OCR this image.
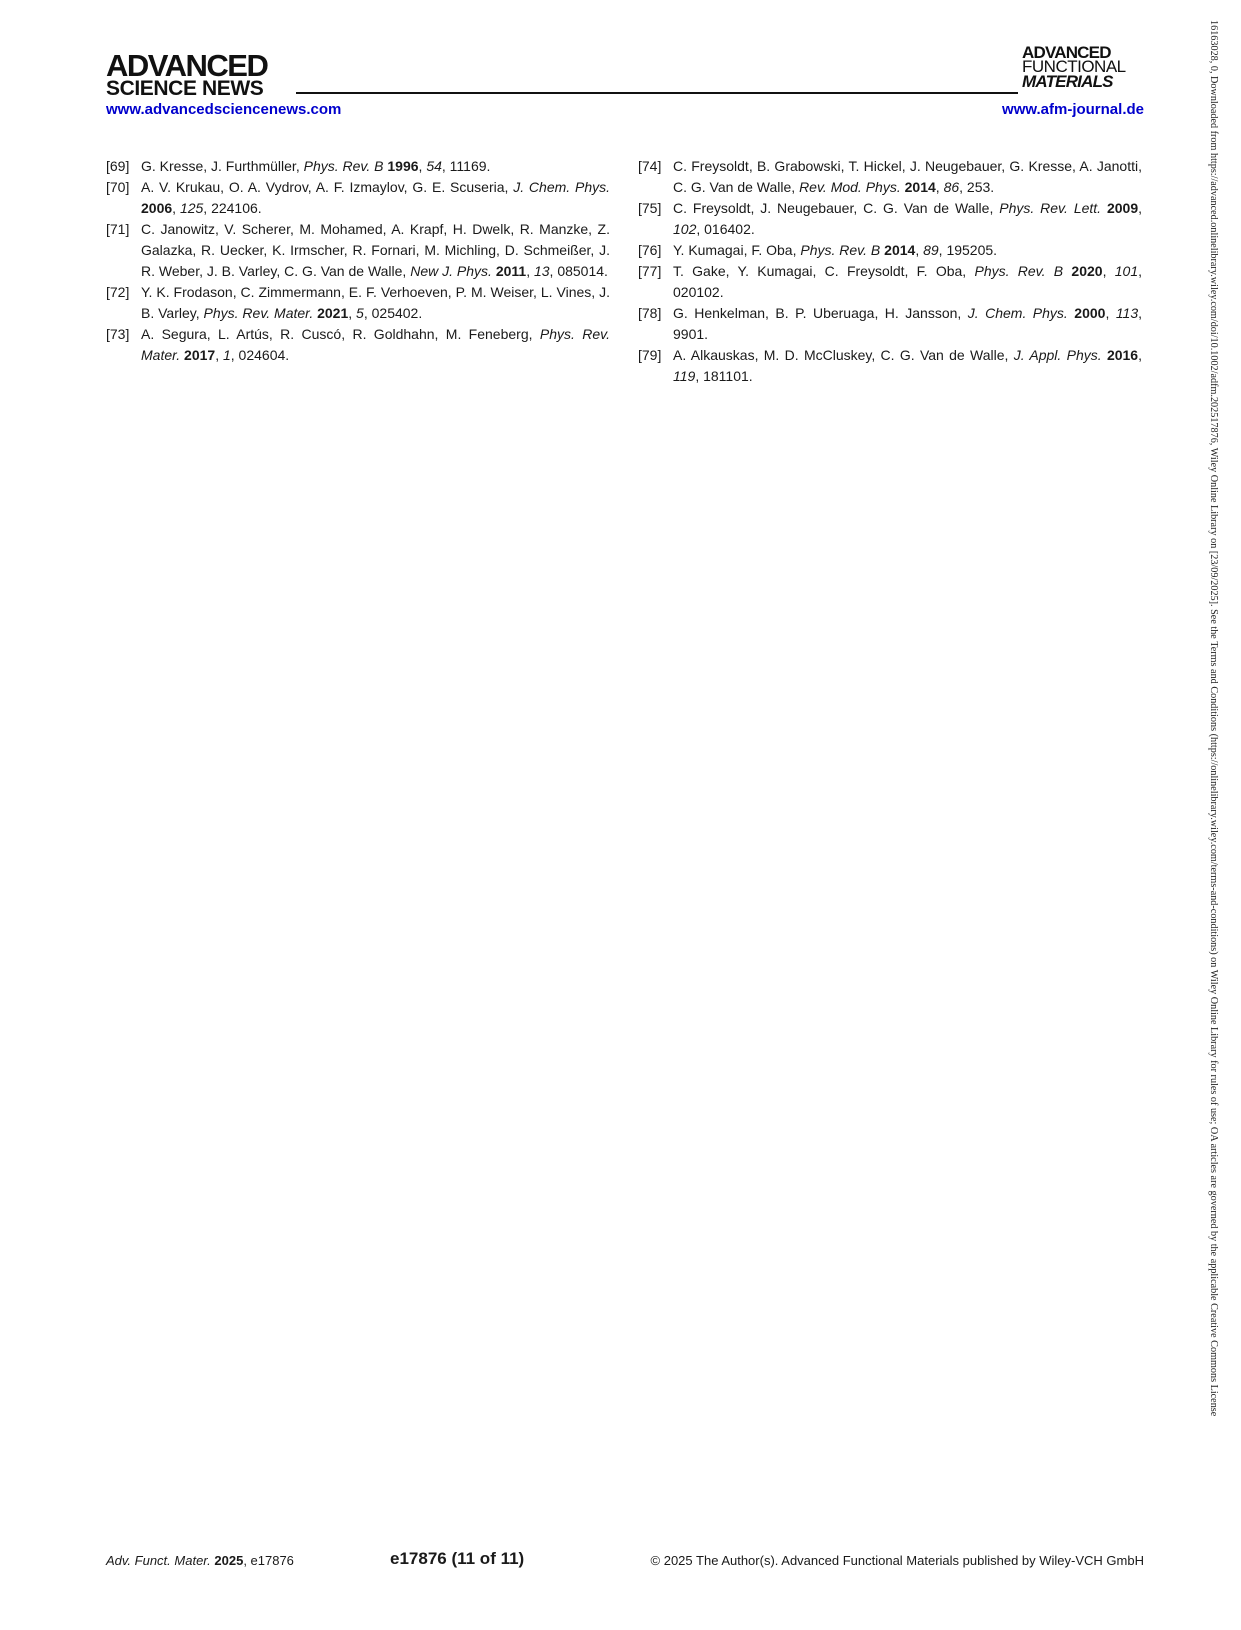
ADVANCED
SCIENCE NEWS
ADVANCED
FUNCTIONAL
MATERIALS
www.advancedsciencenews.com	www.afm-journal.de
[69] G. Kresse, J. Furthmüller, Phys. Rev. B 1996, 54, 11169.
[70] A. V. Krukau, O. A. Vydrov, A. F. Izmaylov, G. E. Scuseria, J. Chem. Phys. 2006, 125, 224106.
[71] C. Janowitz, V. Scherer, M. Mohamed, A. Krapf, H. Dwelk, R. Manzke, Z. Galazka, R. Uecker, K. Irmscher, R. Fornari, M. Michling, D. Schmeißer, J. R. Weber, J. B. Varley, C. G. Van de Walle, New J. Phys. 2011, 13, 085014.
[72] Y. K. Frodason, C. Zimmermann, E. F. Verhoeven, P. M. Weiser, L. Vines, J. B. Varley, Phys. Rev. Mater. 2021, 5, 025402.
[73] A. Segura, L. Artús, R. Cuscó, R. Goldhahn, M. Feneberg, Phys. Rev. Mater. 2017, 1, 024604.
[74] C. Freysoldt, B. Grabowski, T. Hickel, J. Neugebauer, G. Kresse, A. Janotti, C. G. Van de Walle, Rev. Mod. Phys. 2014, 86, 253.
[75] C. Freysoldt, J. Neugebauer, C. G. Van de Walle, Phys. Rev. Lett. 2009, 102, 016402.
[76] Y. Kumagai, F. Oba, Phys. Rev. B 2014, 89, 195205.
[77] T. Gake, Y. Kumagai, C. Freysoldt, F. Oba, Phys. Rev. B 2020, 101, 020102.
[78] G. Henkelman, B. P. Uberuaga, H. Jansson, J. Chem. Phys. 2000, 113, 9901.
[79] A. Alkauskas, M. D. McCluskey, C. G. Van de Walle, J. Appl. Phys. 2016, 119, 181101.	16163028, 0, Downloaded from https://advanced.onlinelibrary.wiley.com/doi/10.1002/adfm.202517876, Wiley Online Library on [23/09/2025]. See the Terms and Conditions (https://onlinelibrary.wiley.com/terms-and-conditions) on Wiley Online Library for rules of use; OA articles are governed by the applicable Creative Commons License
Adv. Funct. Mater. 2025, e17876	e17876 (11 of 11)	© 2025 The Author(s). Advanced Functional Materials published by Wiley-VCH GmbH
